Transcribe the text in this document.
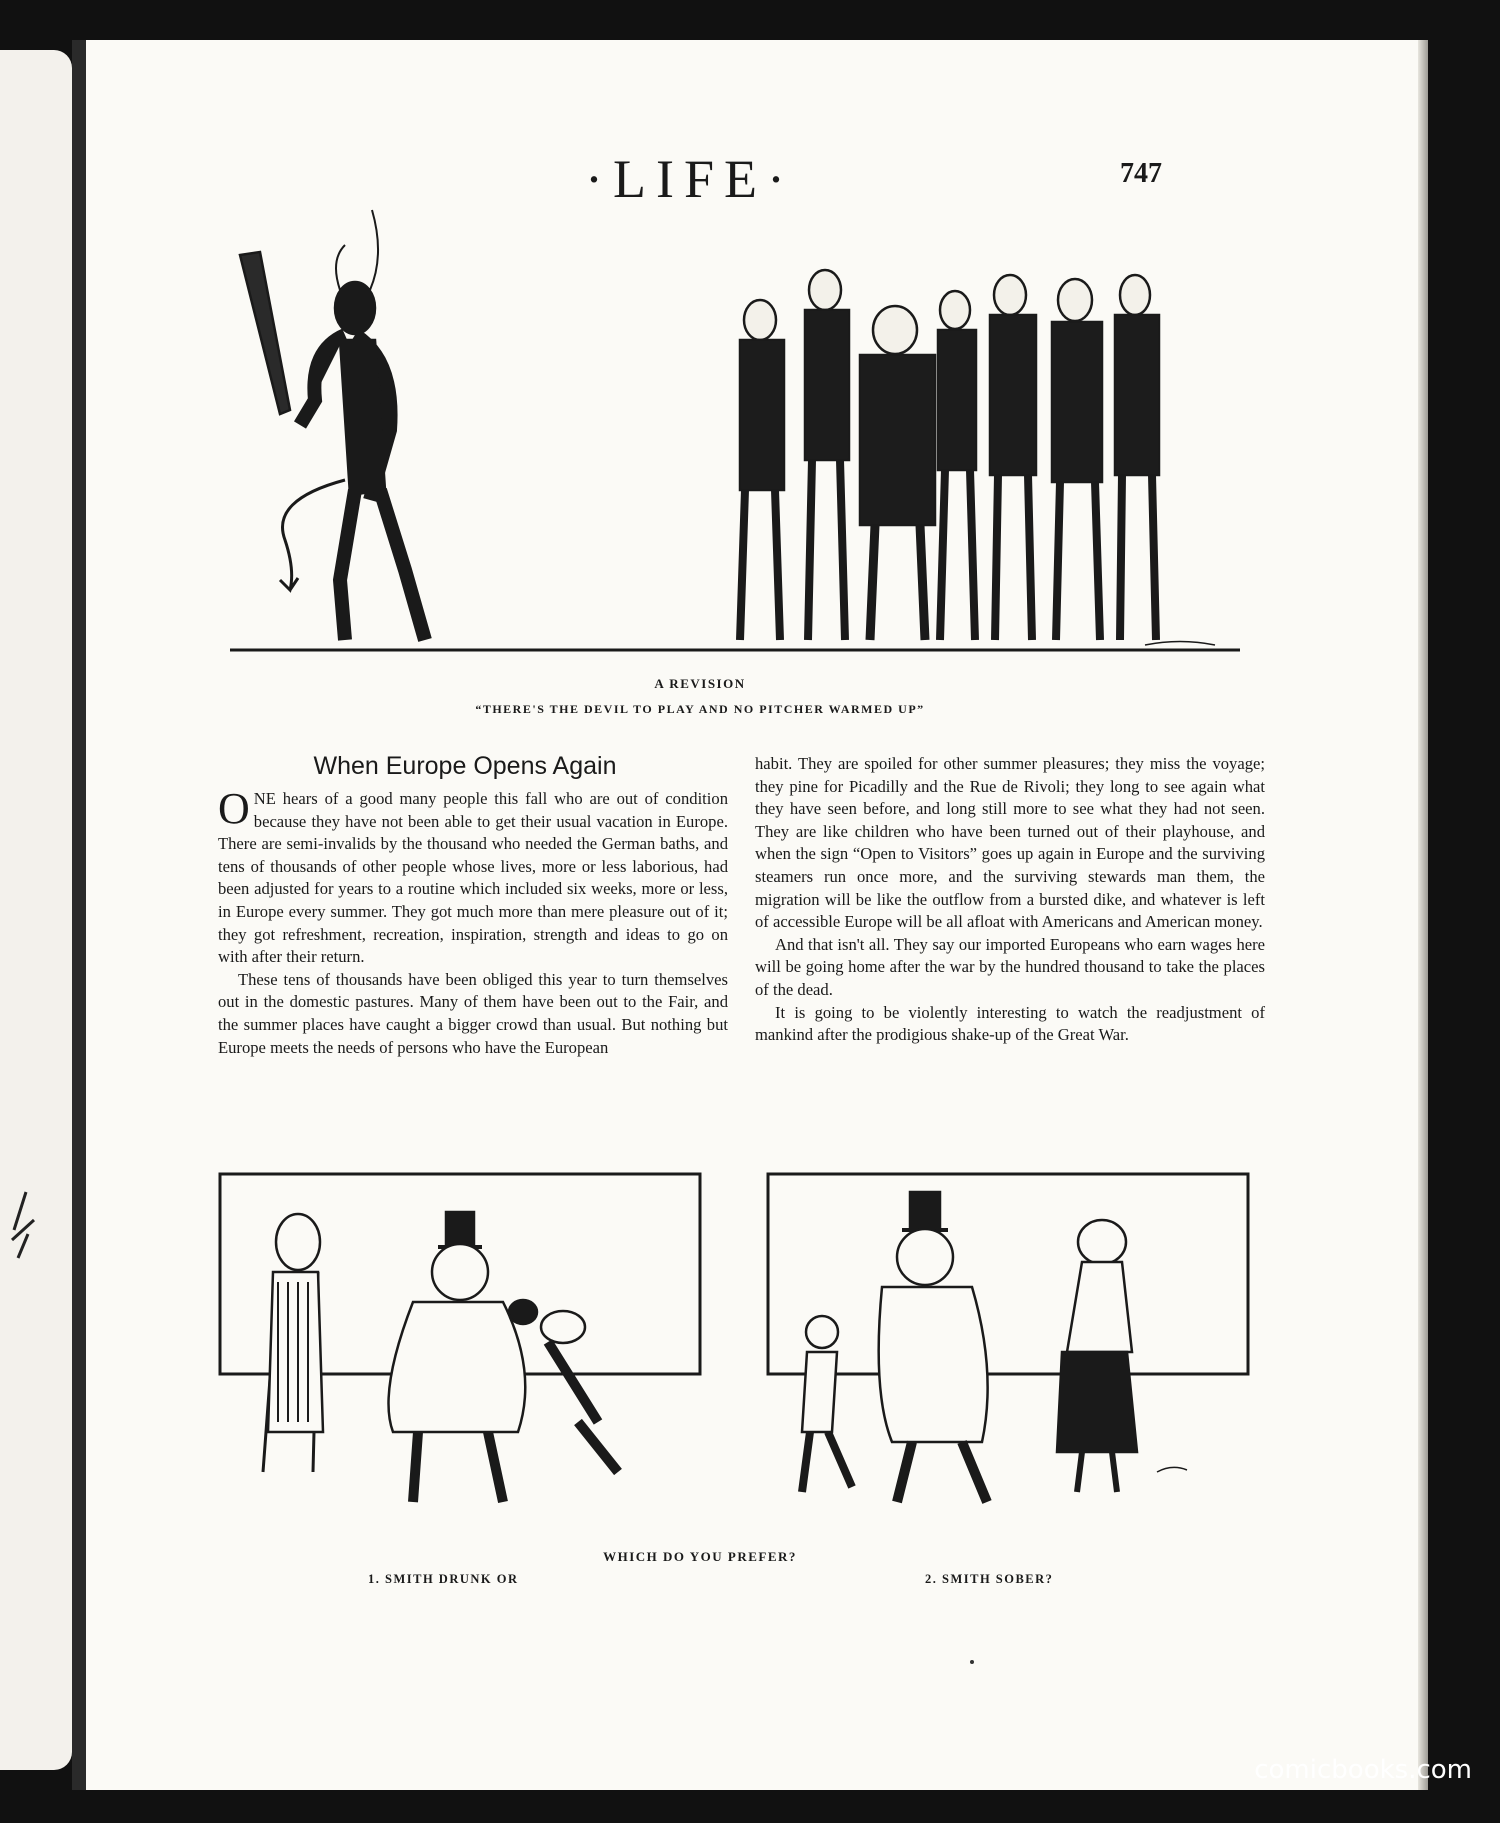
·LIFE·	747
A REVISION
“THERE'S THE DEVIL TO PLAY AND NO PITCHER WARMED UP”
When Europe Opens Again

ONE hears of a good many people this fall who are out of condition because they have not been able to get their usual vacation in Europe. There are semi-invalids by the thousand who needed the German baths, and tens of thousands of other people whose lives, more or less laborious, had been adjusted for years to a routine which included six weeks, more or less, in Europe every summer. They got much more than mere pleasure out of it; they got refreshment, recreation, inspiration, strength and ideas to go on with after their return.

These tens of thousands have been obliged this year to turn themselves out in the domestic pastures. Many of them have been out to the Fair, and the summer places have caught a bigger crowd than usual. But nothing but Europe meets the needs of persons who have the European

habit. They are spoiled for other summer pleasures; they miss the voyage; they pine for Picadilly and the Rue de Rivoli; they long to see again what they have seen before, and long still more to see what they had not seen. They are like children who have been turned out of their playhouse, and when the sign “Open to Visitors” goes up again in Europe and the surviving steamers run once more, and the surviving stewards man them, the migration will be like the outflow from a bursted dike, and whatever is left of accessible Europe will be all afloat with Americans and American money.

And that isn't all. They say our imported Europeans who earn wages here will be going home after the war by the hundred thousand to take the places of the dead.

It is going to be violently interesting to watch the readjustment of mankind after the prodigious shake-up of the Great War.

WHICH DO YOU PREFER?
1. SMITH DRUNK OR	2. SMITH SOBER?
comicbooks.com
